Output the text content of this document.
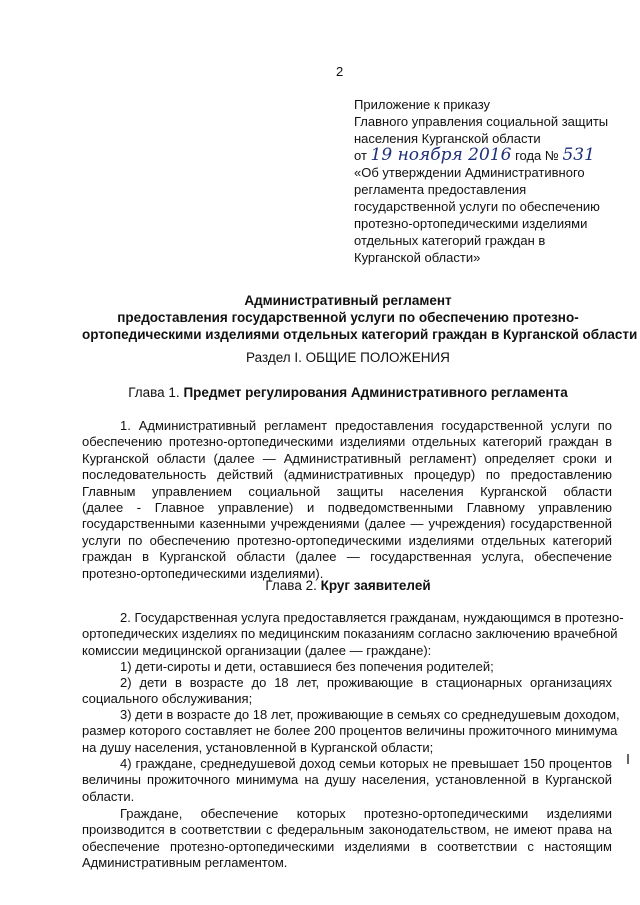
2
Приложение к приказу
Главного управления социальной защиты
населения Курганской области
от 19 ноября 2016 года № 531
«Об утверждении Административного
регламента предоставления
государственной услуги по обеспечению
протезно-ортопедическими изделиями
отдельных категорий граждан в
Курганской области»
Административный регламент
предоставления государственной услуги по обеспечению протезно-
ортопедическими изделиями отдельных категорий граждан в Курганской области
Раздел I. ОБЩИЕ ПОЛОЖЕНИЯ
Глава 1. Предмет регулирования Административного регламента
1. Административный регламент предоставления государственной услуги по
обеспечению протезно-ортопедическими изделиями отдельных категорий граждан в
Курганской области (далее — Административный регламент) определяет сроки и
последовательность действий (административных процедур) по предоставлению
Главным управлением социальной защиты населения Курганской области
(далее - Главное управление) и подведомственными Главному управлению
государственными казенными учреждениями (далее — учреждения) государственной
услуги по обеспечению протезно-ортопедическими изделиями отдельных категорий
граждан в Курганской области (далее — государственная услуга, обеспечение
протезно-ортопедическими изделиями).
Глава 2. Круг заявителей
2. Государственная услуга предоставляется гражданам, нуждающимся в протезно-
ортопедических изделиях по медицинским показаниям согласно заключению врачебной
комиссии медицинской организации (далее — граждане):
1) дети-сироты и дети, оставшиеся без попечения родителей;
2) дети в возрасте до 18 лет, проживающие в стационарных организациях
социального обслуживания;
3) дети в возрасте до 18 лет, проживающие в семьях со среднедушевым доходом,
размер которого составляет не более 200 процентов величины прожиточного минимума
на душу населения, установленной в Курганской области;
4) граждане, среднедушевой доход семьи которых не превышает 150 процентов
величины прожиточного минимума на душу населения, установленной в Курганской
области.
Граждане, обеспечение которых протезно-ортопедическими изделиями
производится в соответствии с федеральным законодательством, не имеют права на
обеспечение протезно-ортопедическими изделиями в соответствии с настоящим
Административным регламентом.
